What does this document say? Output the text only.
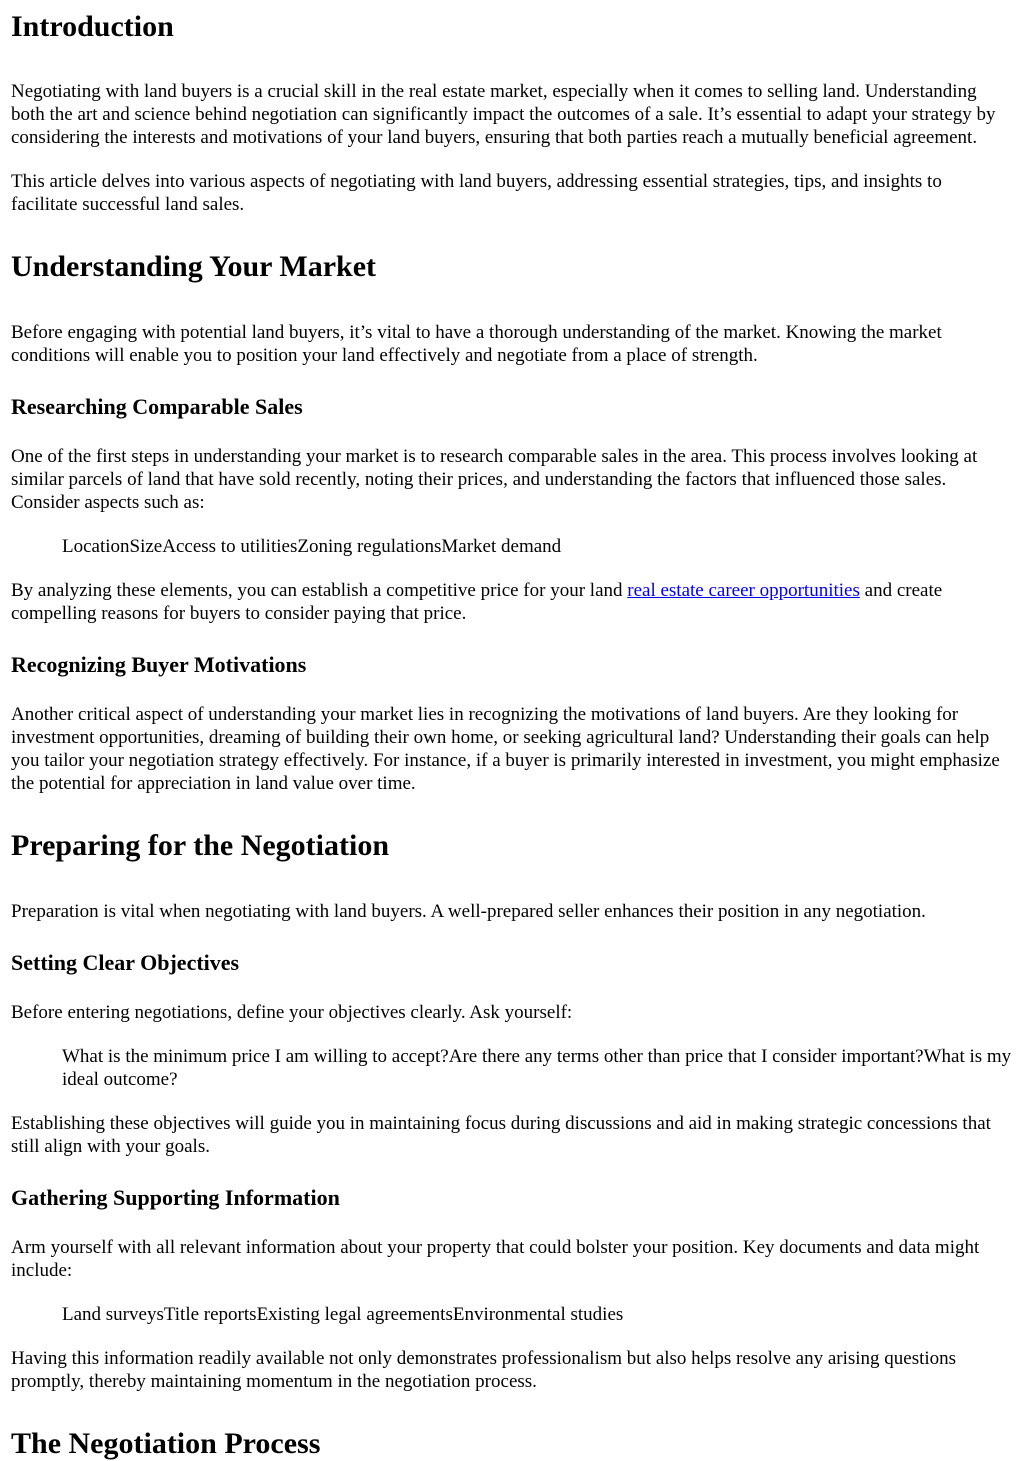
Introduction

Negotiating with land buyers is a crucial skill in the real estate market, especially when it comes to selling land. Understanding both the art and science behind negotiation can significantly impact the outcomes of a sale. It’s essential to adapt your strategy by considering the interests and motivations of your land buyers, ensuring that both parties reach a mutually beneficial agreement.

This article delves into various aspects of negotiating with land buyers, addressing essential strategies, tips, and insights to facilitate successful land sales.

Understanding Your Market

Before engaging with potential land buyers, it’s vital to have a thorough understanding of the market. Knowing the market conditions will enable you to position your land effectively and negotiate from a place of strength.

Researching Comparable Sales

One of the first steps in understanding your market is to research comparable sales in the area. This process involves looking at similar parcels of land that have sold recently, noting their prices, and understanding the factors that influenced those sales. Consider aspects such as:

LocationSizeAccess to utilitiesZoning regulationsMarket demand

By analyzing these elements, you can establish a competitive price for your land real estate career opportunities and create compelling reasons for buyers to consider paying that price.

Recognizing Buyer Motivations

Another critical aspect of understanding your market lies in recognizing the motivations of land buyers. Are they looking for investment opportunities, dreaming of building their own home, or seeking agricultural land? Understanding their goals can help you tailor your negotiation strategy effectively. For instance, if a buyer is primarily interested in investment, you might emphasize the potential for appreciation in land value over time.

Preparing for the Negotiation

Preparation is vital when negotiating with land buyers. A well-prepared seller enhances their position in any negotiation.

Setting Clear Objectives

Before entering negotiations, define your objectives clearly. Ask yourself:

What is the minimum price I am willing to accept?Are there any terms other than price that I consider important?What is my ideal outcome?

Establishing these objectives will guide you in maintaining focus during discussions and aid in making strategic concessions that still align with your goals.

Gathering Supporting Information

Arm yourself with all relevant information about your property that could bolster your position. Key documents and data might include:

Land surveysTitle reportsExisting legal agreementsEnvironmental studies

Having this information readily available not only demonstrates professionalism but also helps resolve any arising questions promptly, thereby maintaining momentum in the negotiation process.

The Negotiation Process
